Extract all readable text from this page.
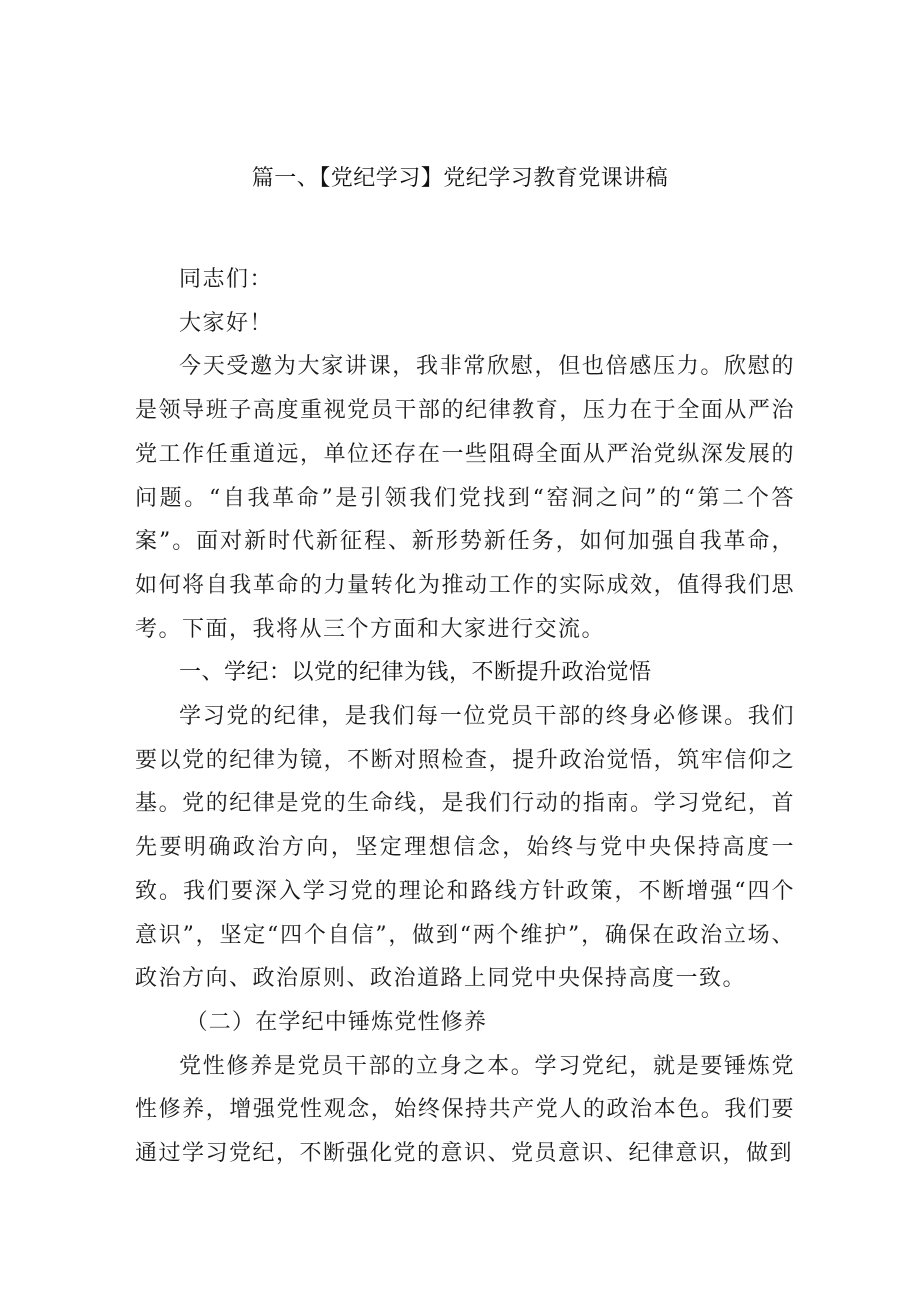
篇一、【党纪学习】党纪学习教育党课讲稿

同志们：

大家好！

今天受邀为大家讲课，我非常欣慰，但也倍感压力。欣慰的是领导班子高度重视党员干部的纪律教育，压力在于全面从严治党工作任重道远，单位还存在一些阻碍全面从严治党纵深发展的问题。“自我革命”是引领我们党找到“窑洞之问”的“第二个答案”。面对新时代新征程、新形势新任务，如何加强自我革命，如何将自我革命的力量转化为推动工作的实际成效，值得我们思考。下面，我将从三个方面和大家进行交流。

一、学纪：以党的纪律为钱，不断提升政治觉悟

学习党的纪律，是我们每一位党员干部的终身必修课。我们要以党的纪律为镜，不断对照检查，提升政治觉悟，筑牢信仰之基。党的纪律是党的生命线，是我们行动的指南。学习党纪，首先要明确政治方向，坚定理想信念，始终与党中央保持高度一致。我们要深入学习党的理论和路线方针政策，不断增强“四个意识”，坚定“四个自信”，做到“两个维护”，确保在政治立场、政治方向、政治原则、政治道路上同党中央保持高度一致。

（二）在学纪中锤炼党性修养

党性修养是党员干部的立身之本。学习党纪，就是要锤炼党性修养，增强党性观念，始终保持共产党人的政治本色。我们要通过学习党纪，不断强化党的意识、党员意识、纪律意识，做到
